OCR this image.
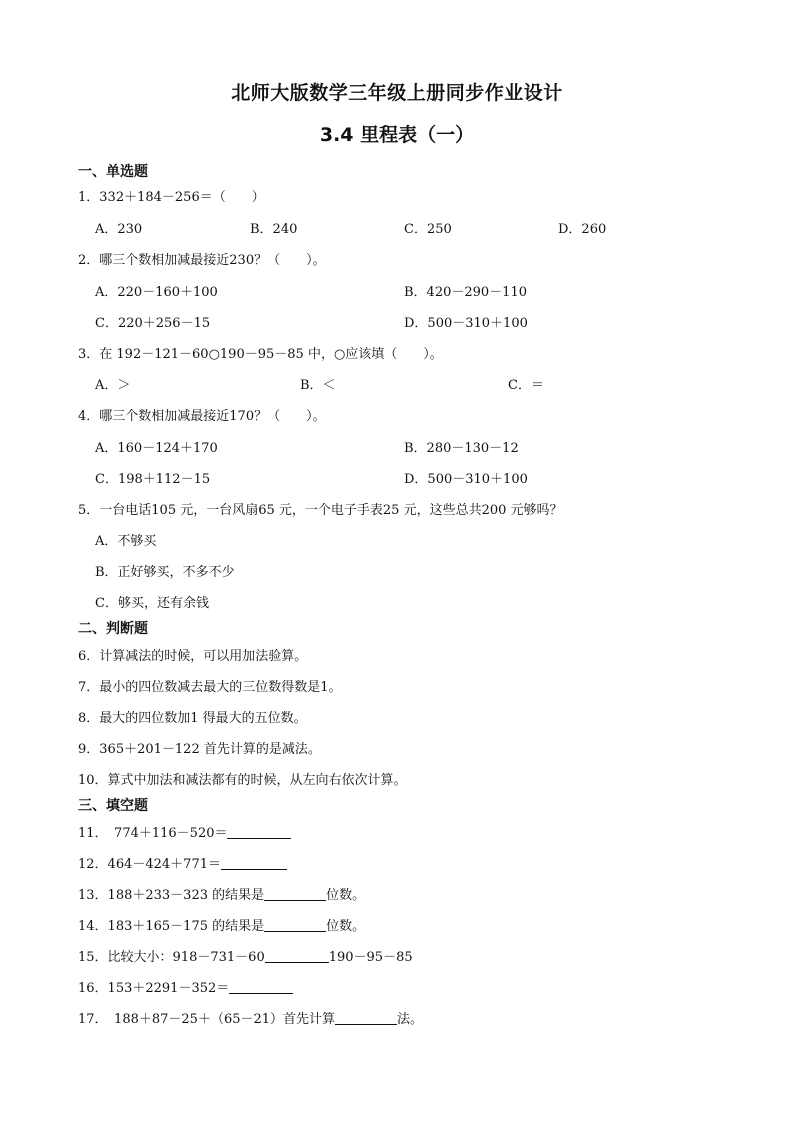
北师大版数学三年级上册同步作业设计
3.4 里程表（一）
一、单选题
1．332＋184－256＝（　　）
A．230	B．240	C．250	D．260
2．哪三个数相加减最接近230？（　　）。
A．220－160＋100	B．420－290－110
C．220＋256－15	D．500－310＋100
3．在 192－121－60○190－95－85 中，○应该填（　　）。
A．＞	B．＜	C．＝
4．哪三个数相加减最接近170？（　　）。
A．160－124＋170	B．280－130－12
C．198＋112－15	D．500－310＋100
5．一台电话105 元，一台风扇65 元，一个电子手表25 元，这些总共200 元够吗？
A．不够买
B．正好够买，不多不少
C．够买，还有余钱
二、判断题
6．计算减法的时候，可以用加法验算。
7．最小的四位数减去最大的三位数得数是1。
8．最大的四位数加1 得最大的五位数。
9．365＋201－122 首先计算的是减法。
10．算式中加法和减法都有的时候，从左向右依次计算。
三、填空题
11．　774＋116－520＝
12．464－424＋771＝
13．188＋233－323 的结果是	位数。
14．183＋165－175 的结果是	位数。
15．比较大小：918－731－60	190－95－85
16．153＋2291－352＝
17．　188＋87－25＋（65－21）首先计算	法。
